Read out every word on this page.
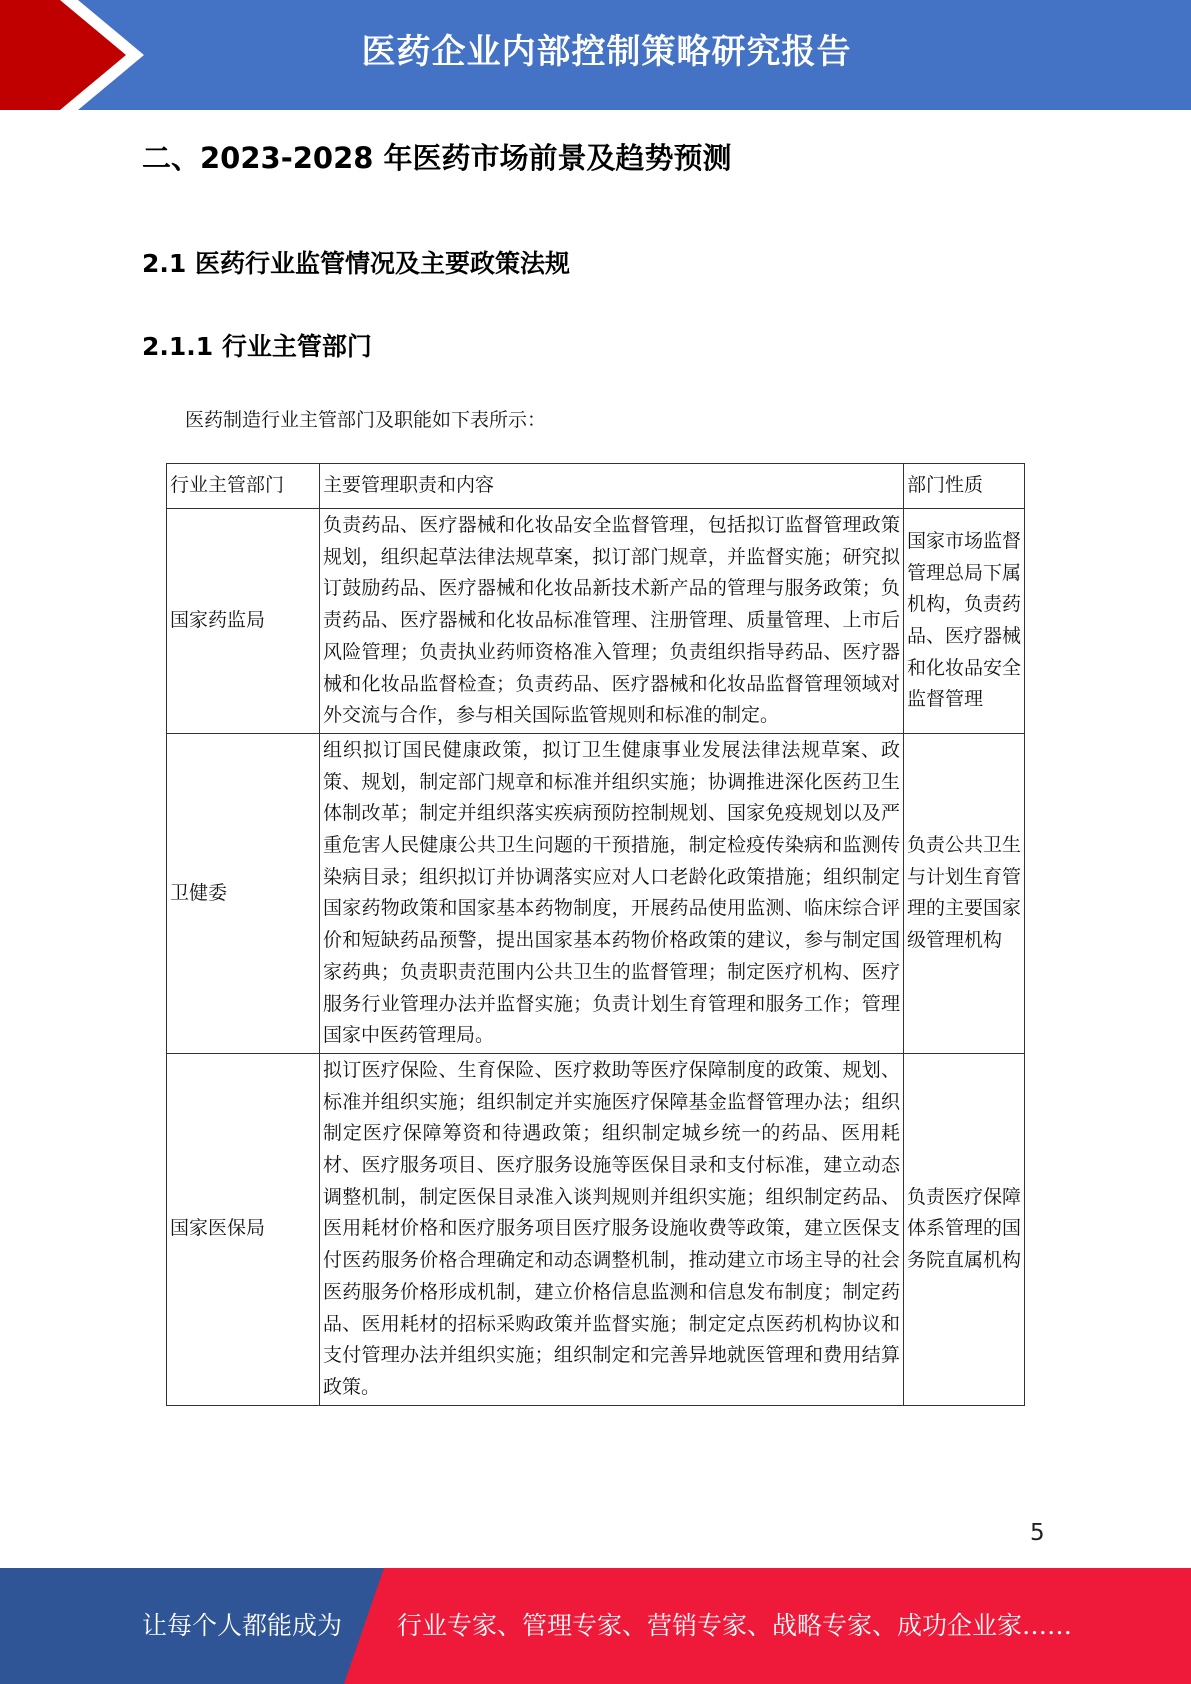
医药企业内部控制策略研究报告
二、2023-2028 年医药市场前景及趋势预测
2.1 医药行业监管情况及主要政策法规
2.1.1 行业主管部门

医药制造行业主管部门及职能如下表所示：

行业主管部门	主要管理职责和内容	部门性质
国家药监局	负责药品、医疗器械和化妆品安全监督管理，包括拟订监督管理政策规划，组织起草法律法规草案，拟订部门规章，并监督实施；研究拟订鼓励药品、医疗器械和化妆品新技术新产品的管理与服务政策；负责药品、医疗器械和化妆品标准管理、注册管理、质量管理、上市后风险管理；负责执业药师资格准入管理；负责组织指导药品、医疗器械和化妆品监督检查；负责药品、医疗器械和化妆品监督管理领域对外交流与合作，参与相关国际监管规则和标准的制定。	国家市场监督管理总局下属机构，负责药品、医疗器械和化妆品安全监督管理
卫健委	组织拟订国民健康政策，拟订卫生健康事业发展法律法规草案、政策、规划，制定部门规章和标准并组织实施；协调推进深化医药卫生体制改革；制定并组织落实疾病预防控制规划、国家免疫规划以及严重危害人民健康公共卫生问题的干预措施，制定检疫传染病和监测传染病目录；组织拟订并协调落实应对人口老龄化政策措施；组织制定国家药物政策和国家基本药物制度，开展药品使用监测、临床综合评价和短缺药品预警，提出国家基本药物价格政策的建议，参与制定国家药典；负责职责范围内公共卫生的监督管理；制定医疗机构、医疗服务行业管理办法并监督实施；负责计划生育管理和服务工作；管理国家中医药管理局。	负责公共卫生与计划生育管理的主要国家级管理机构
国家医保局	拟订医疗保险、生育保险、医疗救助等医疗保障制度的政策、规划、标准并组织实施；组织制定并实施医疗保障基金监督管理办法；组织制定医疗保障筹资和待遇政策；组织制定城乡统一的药品、医用耗材、医疗服务项目、医疗服务设施等医保目录和支付标准，建立动态调整机制，制定医保目录准入谈判规则并组织实施；组织制定药品、医用耗材价格和医疗服务项目医疗服务设施收费等政策，建立医保支付医药服务价格合理确定和动态调整机制，推动建立市场主导的社会医药服务价格形成机制，建立价格信息监测和信息发布制度；制定药品、医用耗材的招标采购政策并监督实施；制定定点医药机构协议和支付管理办法并组织实施；组织制定和完善异地就医管理和费用结算政策。	负责医疗保障体系管理的国务院直属机构
5
让每个人都能成为 行业专家、管理专家、营销专家、战略专家、成功企业家……
